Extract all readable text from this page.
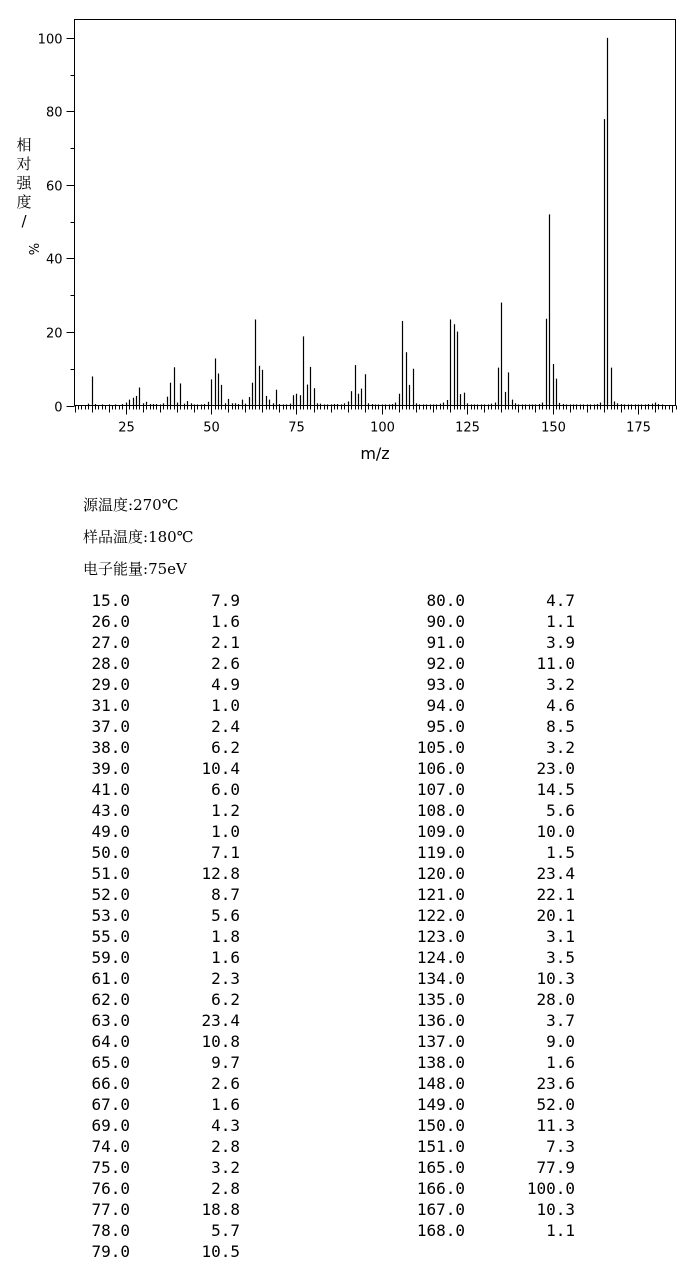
25	50	75	100	125	150	175
0
20
40
60
80
100
m/z
相
对
强
度
/
%
源温度:270℃
样品温度:180℃
电子能量:75eV
15.0	7.9
26.0	1.6
27.0	2.1
28.0	2.6
29.0	4.9
31.0	1.0
37.0	2.4
38.0	6.2
39.0	10.4
41.0	6.0
43.0	1.2
49.0	1.0
50.0	7.1
51.0	12.8
52.0	8.7
53.0	5.6
55.0	1.8
59.0	1.6
61.0	2.3
62.0	6.2
63.0	23.4
64.0	10.8
65.0	9.7
66.0	2.6
67.0	1.6
69.0	4.3
74.0	2.8
75.0	3.2
76.0	2.8
77.0	18.8
78.0	5.7
79.0	10.5
80.0	4.7
90.0	1.1
91.0	3.9
92.0	11.0
93.0	3.2
94.0	4.6
95.0	8.5
105.0	3.2
106.0	23.0
107.0	14.5
108.0	5.6
109.0	10.0
119.0	1.5
120.0	23.4
121.0	22.1
122.0	20.1
123.0	3.1
124.0	3.5
134.0	10.3
135.0	28.0
136.0	3.7
137.0	9.0
138.0	1.6
148.0	23.6
149.0	52.0
150.0	11.3
151.0	7.3
165.0	77.9
166.0	100.0
167.0	10.3
168.0	1.1
